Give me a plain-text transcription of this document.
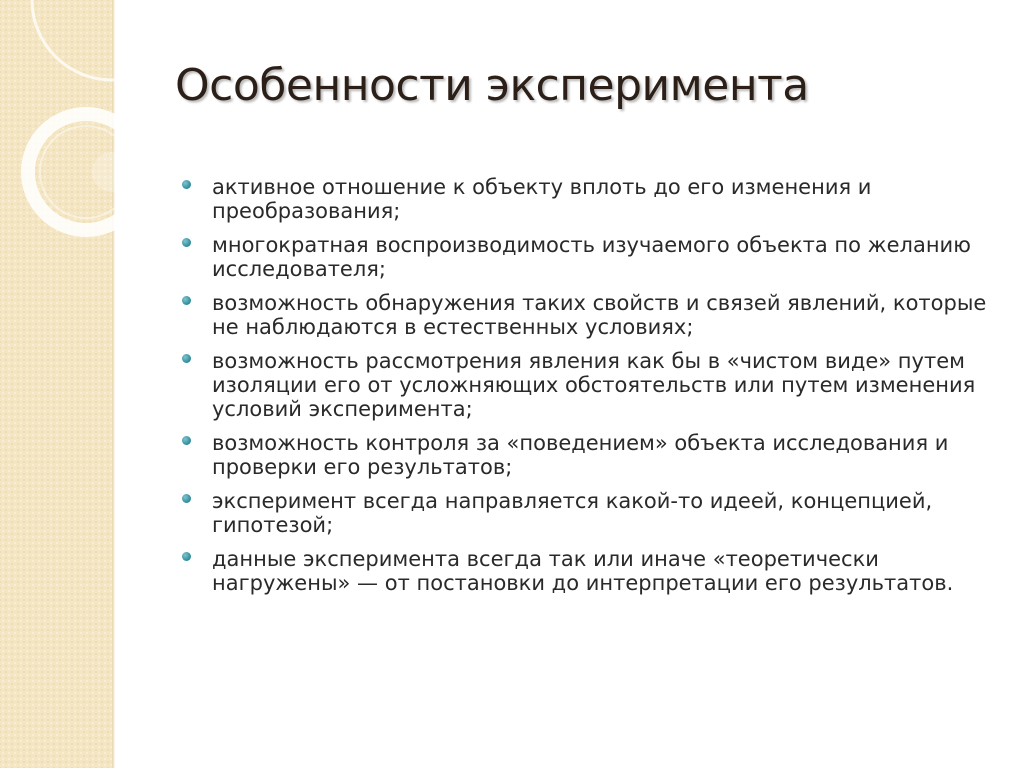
Особенности эксперимента
активное отношение к объекту вплоть до его изменения и преобразования;
многократная воспроизводимость изучаемого объекта по желанию исследователя;
возможность обнаружения таких свойств и связей явлений, которые не наблюдаются в естественных условиях;
возможность рассмотрения явления как бы в «чистом виде» путем изоляции его от усложняющих обстоятельств или путем изменения условий эксперимента;
возможность контроля за «поведением» объекта исследования и проверки его результатов;
эксперимент всегда направляется какой-то идеей, концепцией, гипотезой;
данные эксперимента всегда так или иначе «теоретически нагружены» — от постановки до интерпретации его результатов.
